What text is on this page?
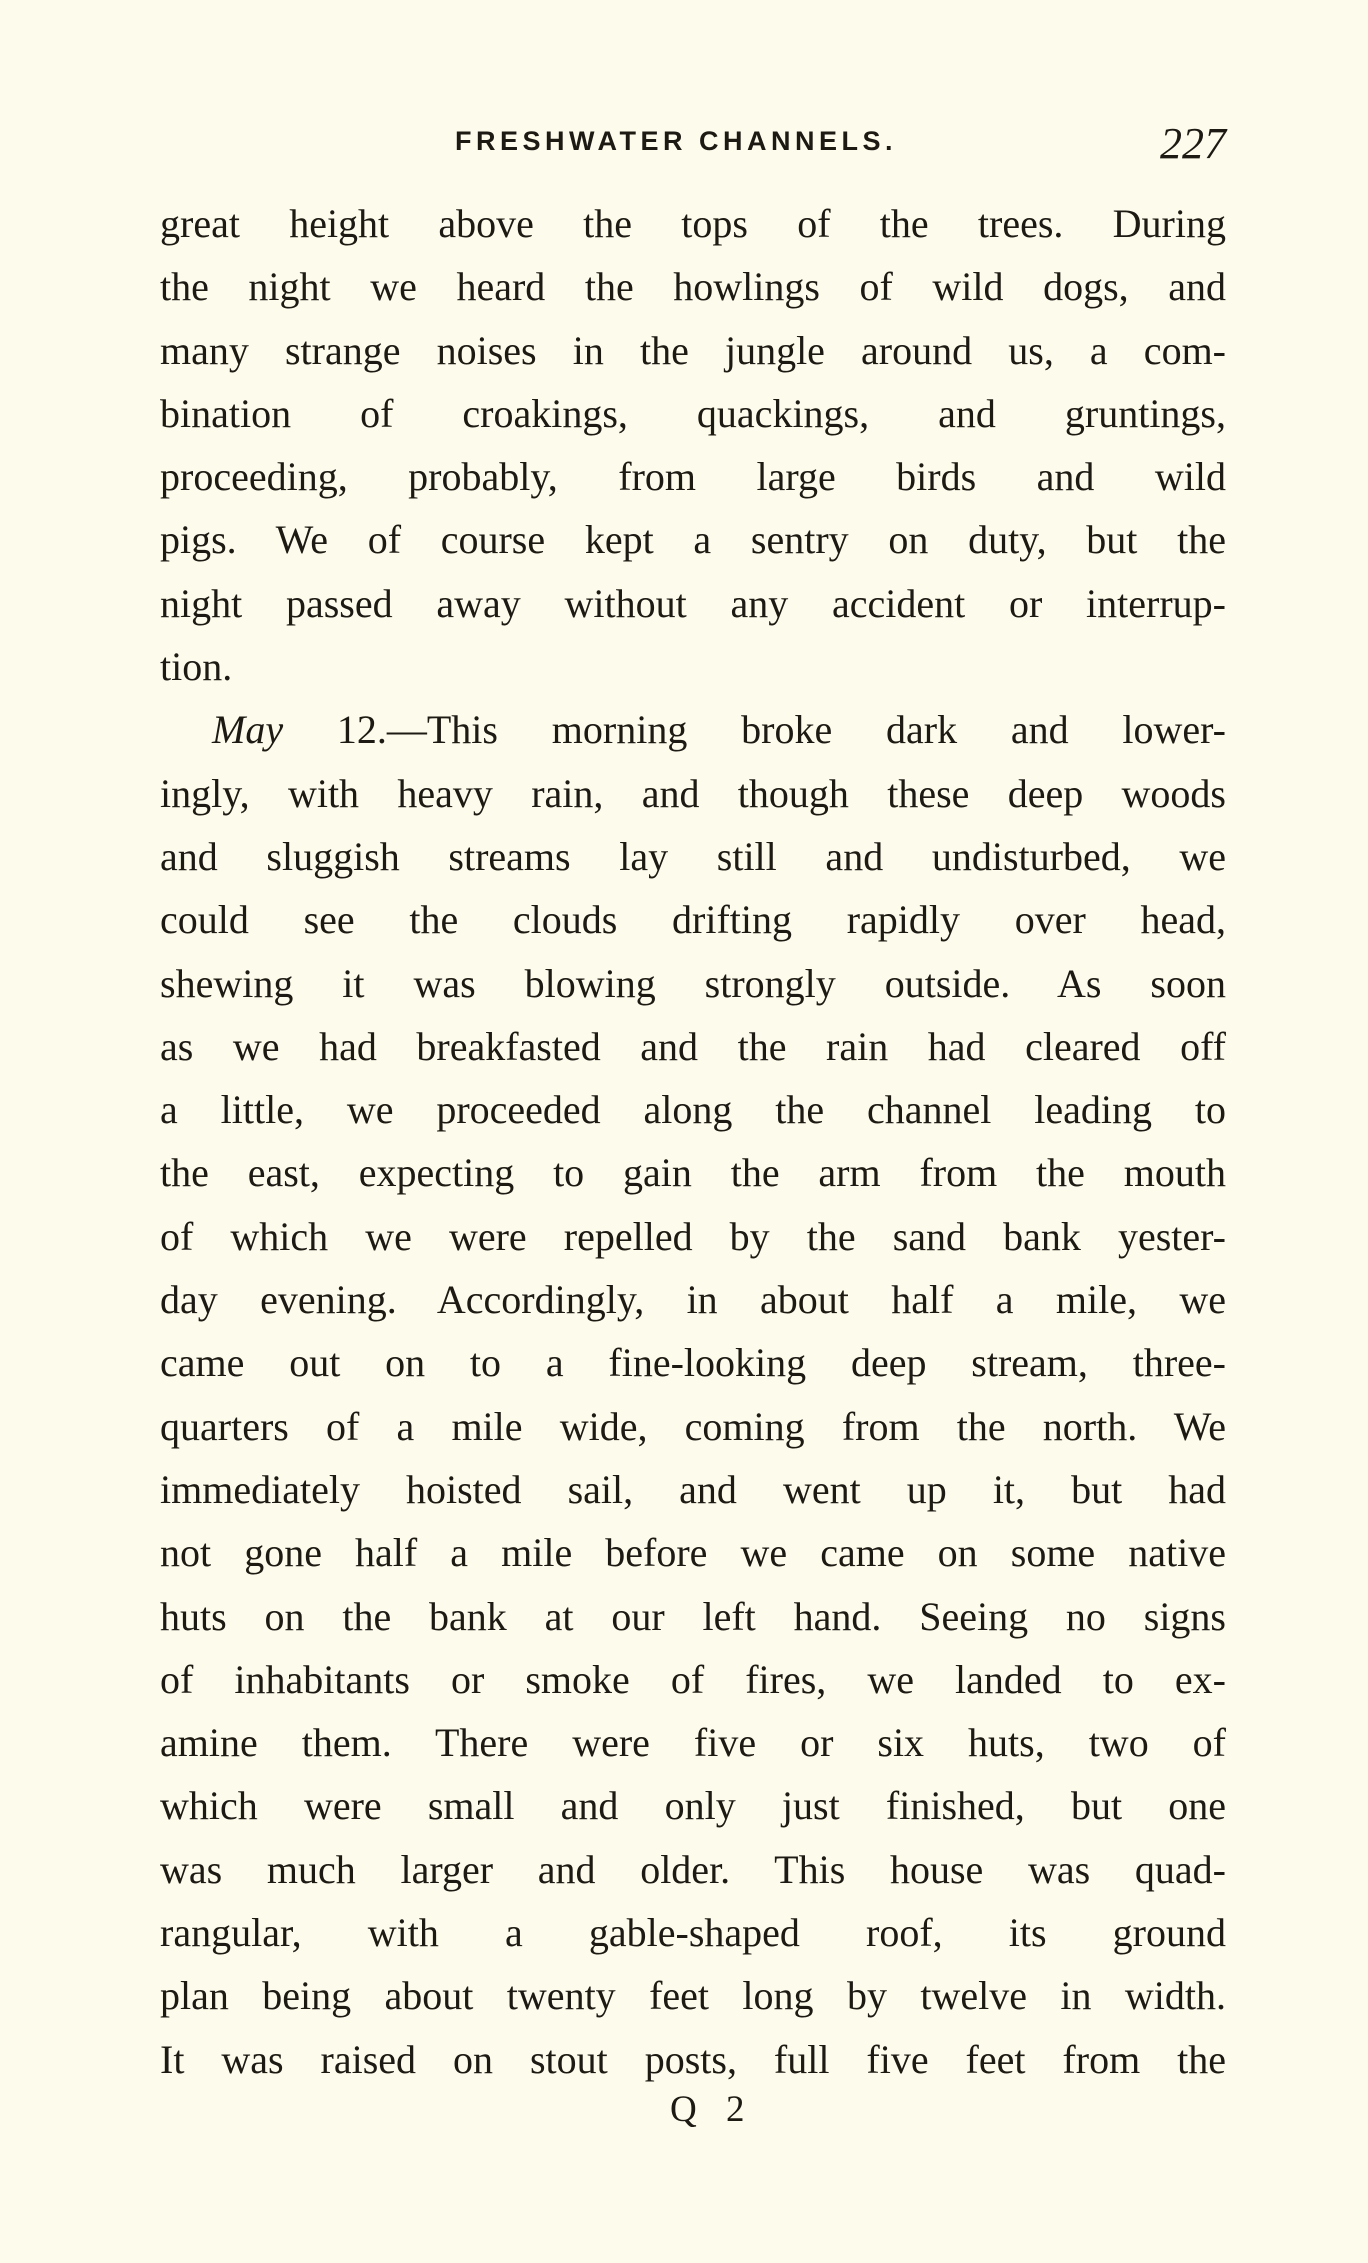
FRESHWATER CHANNELS.	227
great height above the tops of the trees. During
the night we heard the howlings of wild dogs, and
many strange noises in the jungle around us, a com-
bination of croakings, quackings, and gruntings,
proceeding, probably, from large birds and wild
pigs. We of course kept a sentry on duty, but the
night passed away without any accident or interrup-
tion.
May 12.—This morning broke dark and lower-
ingly, with heavy rain, and though these deep woods
and sluggish streams lay still and undisturbed, we
could see the clouds drifting rapidly over head,
shewing it was blowing strongly outside. As soon
as we had breakfasted and the rain had cleared off
a little, we proceeded along the channel leading to
the east, expecting to gain the arm from the mouth
of which we were repelled by the sand bank yester-
day evening. Accordingly, in about half a mile, we
came out on to a fine-looking deep stream, three-
quarters of a mile wide, coming from the north. We
immediately hoisted sail, and went up it, but had
not gone half a mile before we came on some native
huts on the bank at our left hand. Seeing no signs
of inhabitants or smoke of fires, we landed to ex-
amine them. There were five or six huts, two of
which were small and only just finished, but one
was much larger and older. This house was quad-
rangular, with a gable-shaped roof, its ground
plan being about twenty feet long by twelve in width.
It was raised on stout posts, full five feet from the
Q 2
